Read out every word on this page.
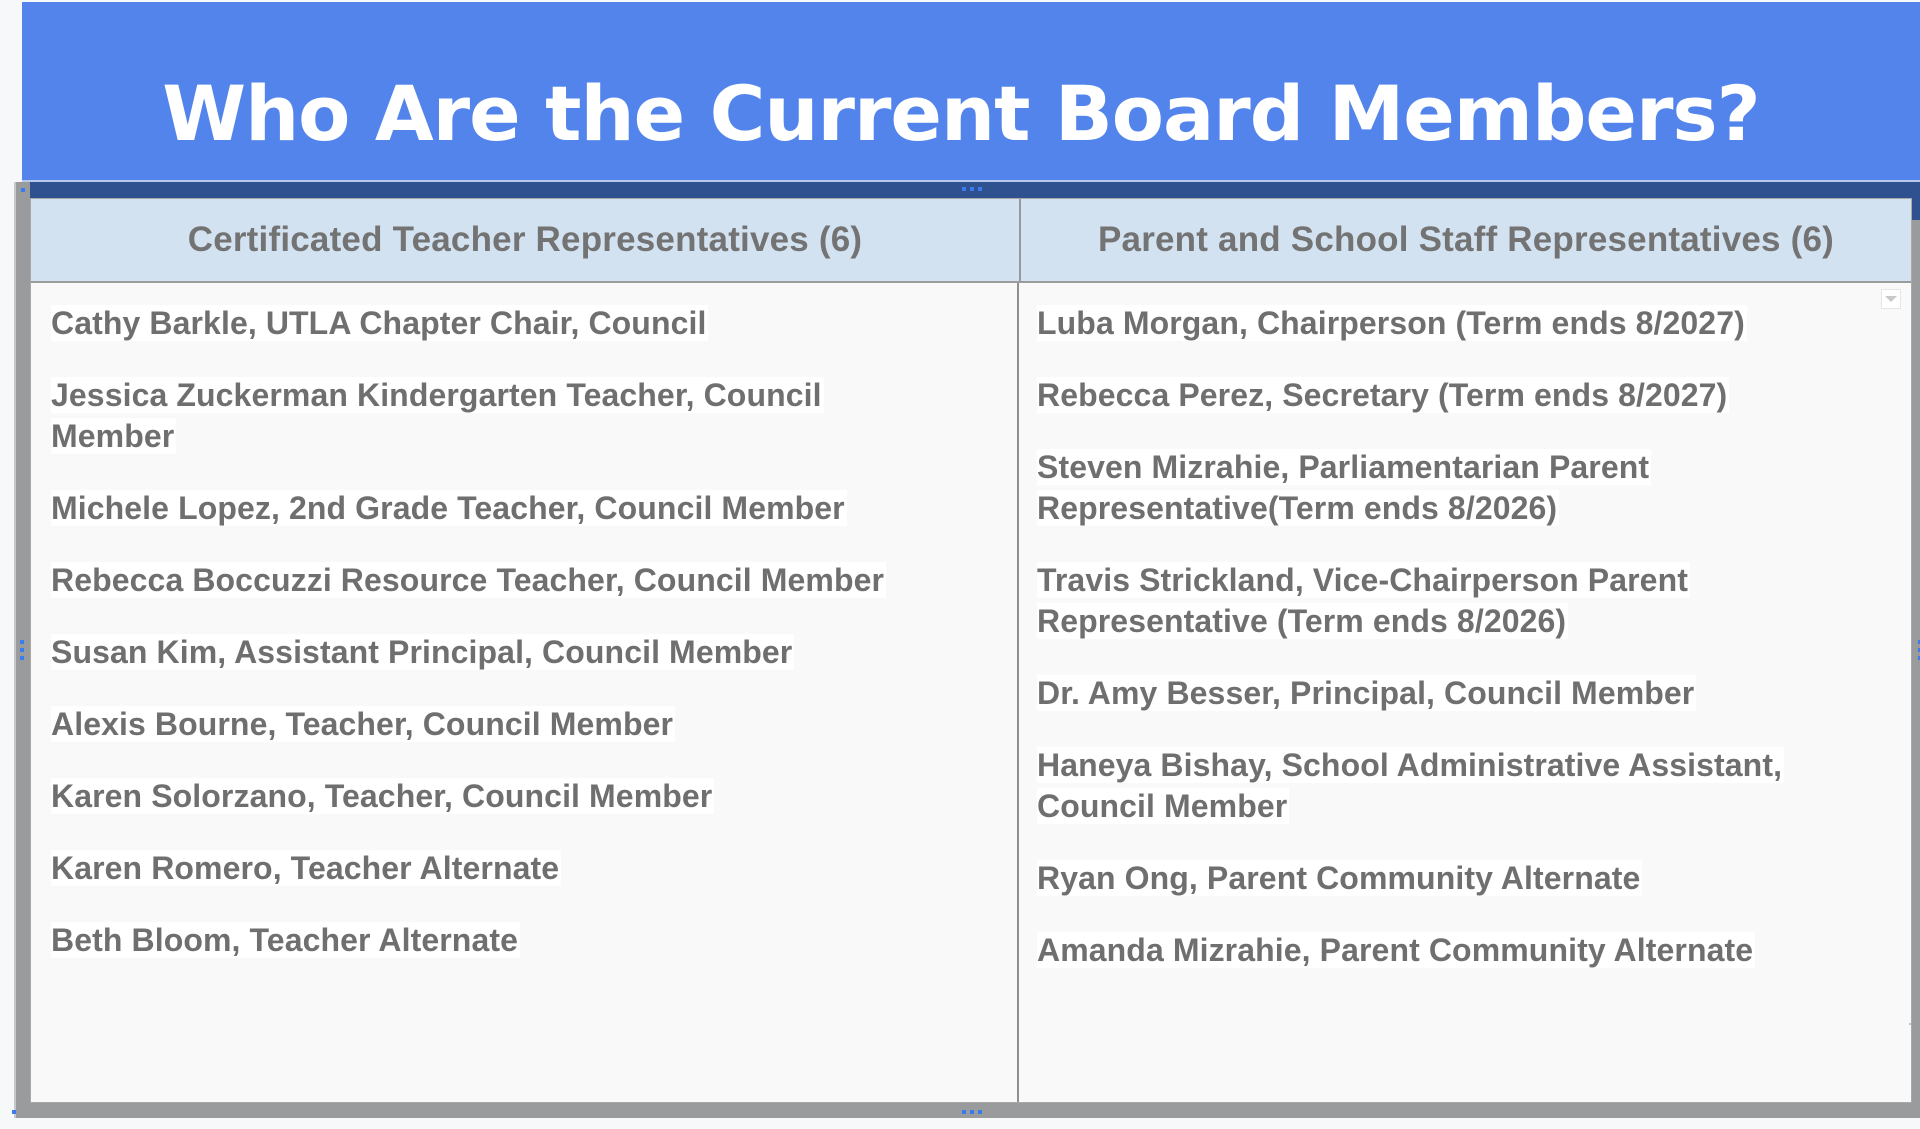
Who Are the Current Board Members?
Certificated Teacher Representatives (6)	Parent and School Staff Representatives (6)

Cathy Barkle, UTLA Chapter Chair, Council

Jessica Zuckerman Kindergarten Teacher, Council Member

Michele Lopez, 2nd Grade Teacher, Council Member

Rebecca Boccuzzi Resource Teacher, Council Member

Susan Kim, Assistant Principal, Council Member

Alexis Bourne, Teacher, Council Member

Karen Solorzano, Teacher, Council Member

Karen Romero, Teacher Alternate

Beth Bloom, Teacher Alternate

Luba Morgan, Chairperson (Term ends 8/2027)

Rebecca Perez, Secretary (Term ends 8/2027)

Steven Mizrahie, Parliamentarian Parent Representative(Term ends 8/2026)

Travis Strickland, Vice-Chairperson Parent Representative (Term ends 8/2026)

Dr. Amy Besser, Principal, Council Member

Haneya Bishay, School Administrative Assistant, Council Member

Ryan Ong, Parent Community Alternate

Amanda Mizrahie, Parent Community Alternate
